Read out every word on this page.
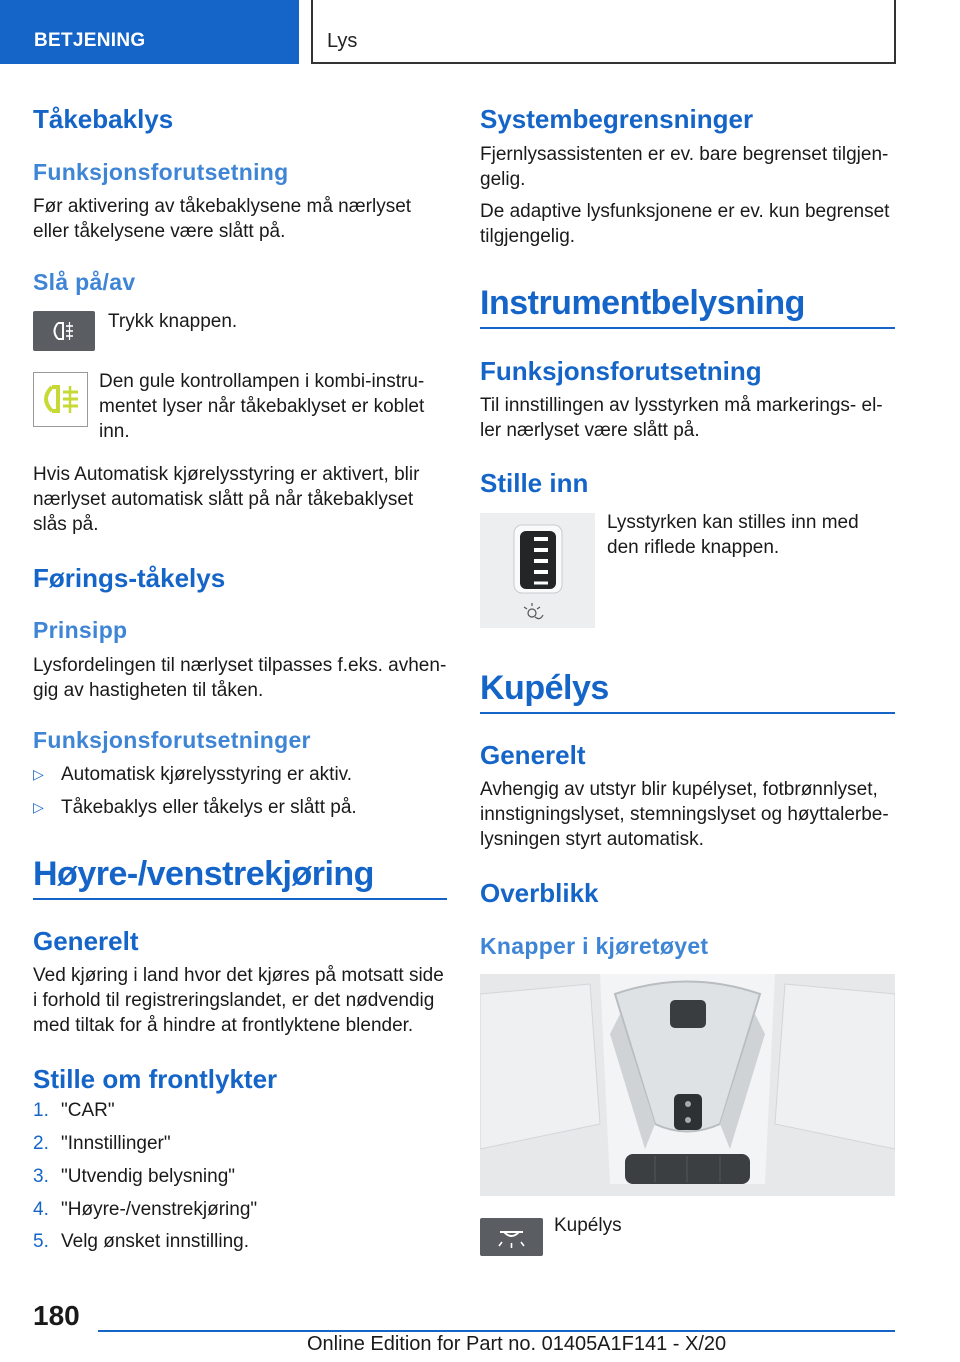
BETJENING	Lys
Tåkebaklys
Funksjonsforutsetning
Før aktivering av tåkebaklysene må nærlyset eller tåkelysene være slått på.
Slå på/av
Trykk knappen.
Den gule kontrollampen i kombi-instru-mentet lyser når tåkebaklyset er koblet inn.
Hvis Automatisk kjørelysstyring er aktivert, blir nærlyset automatisk slått på når tåkebaklyset slås på.
Førings-tåkelys
Prinsipp
Lysfordelingen til nærlyset tilpasses f.eks. avhen-gig av hastigheten til tåken.
Funksjonsforutsetninger
▷ Automatisk kjørelysstyring er aktiv.
▷ Tåkebaklys eller tåkelys er slått på.
Høyre-/venstrekjøring
Generelt
Ved kjøring i land hvor det kjøres på motsatt side i forhold til registreringslandet, er det nødvendig med tiltak for å hindre at frontlyktene blender.
Stille om frontlykter
1. "CAR"
2. "Innstillinger"
3. "Utvendig belysning"
4. "Høyre-/venstrekjøring"
5. Velg ønsket innstilling.
Systembegrensninger
Fjernlysassistenten er ev. bare begrenset tilgjen-gelig.
De adaptive lysfunksjonene er ev. kun begrenset tilgjengelig.
Instrumentbelysning
Funksjonsforutsetning
Til innstillingen av lysstyrken må markerings- el-ler nærlyset være slått på.
Stille inn
Lysstyrken kan stilles inn med den riflede knappen.
Kupélys
Generelt
Avhengig av utstyr blir kupélyset, fotbrønnlyset, innstigningslyset, stemningslyset og høyttalerbe-lysningen styrt automatisk.
Overblikk
Knapper i kjøretøyet
Kupélys
180
Online Edition for Part no. 01405A1F141 - X/20
